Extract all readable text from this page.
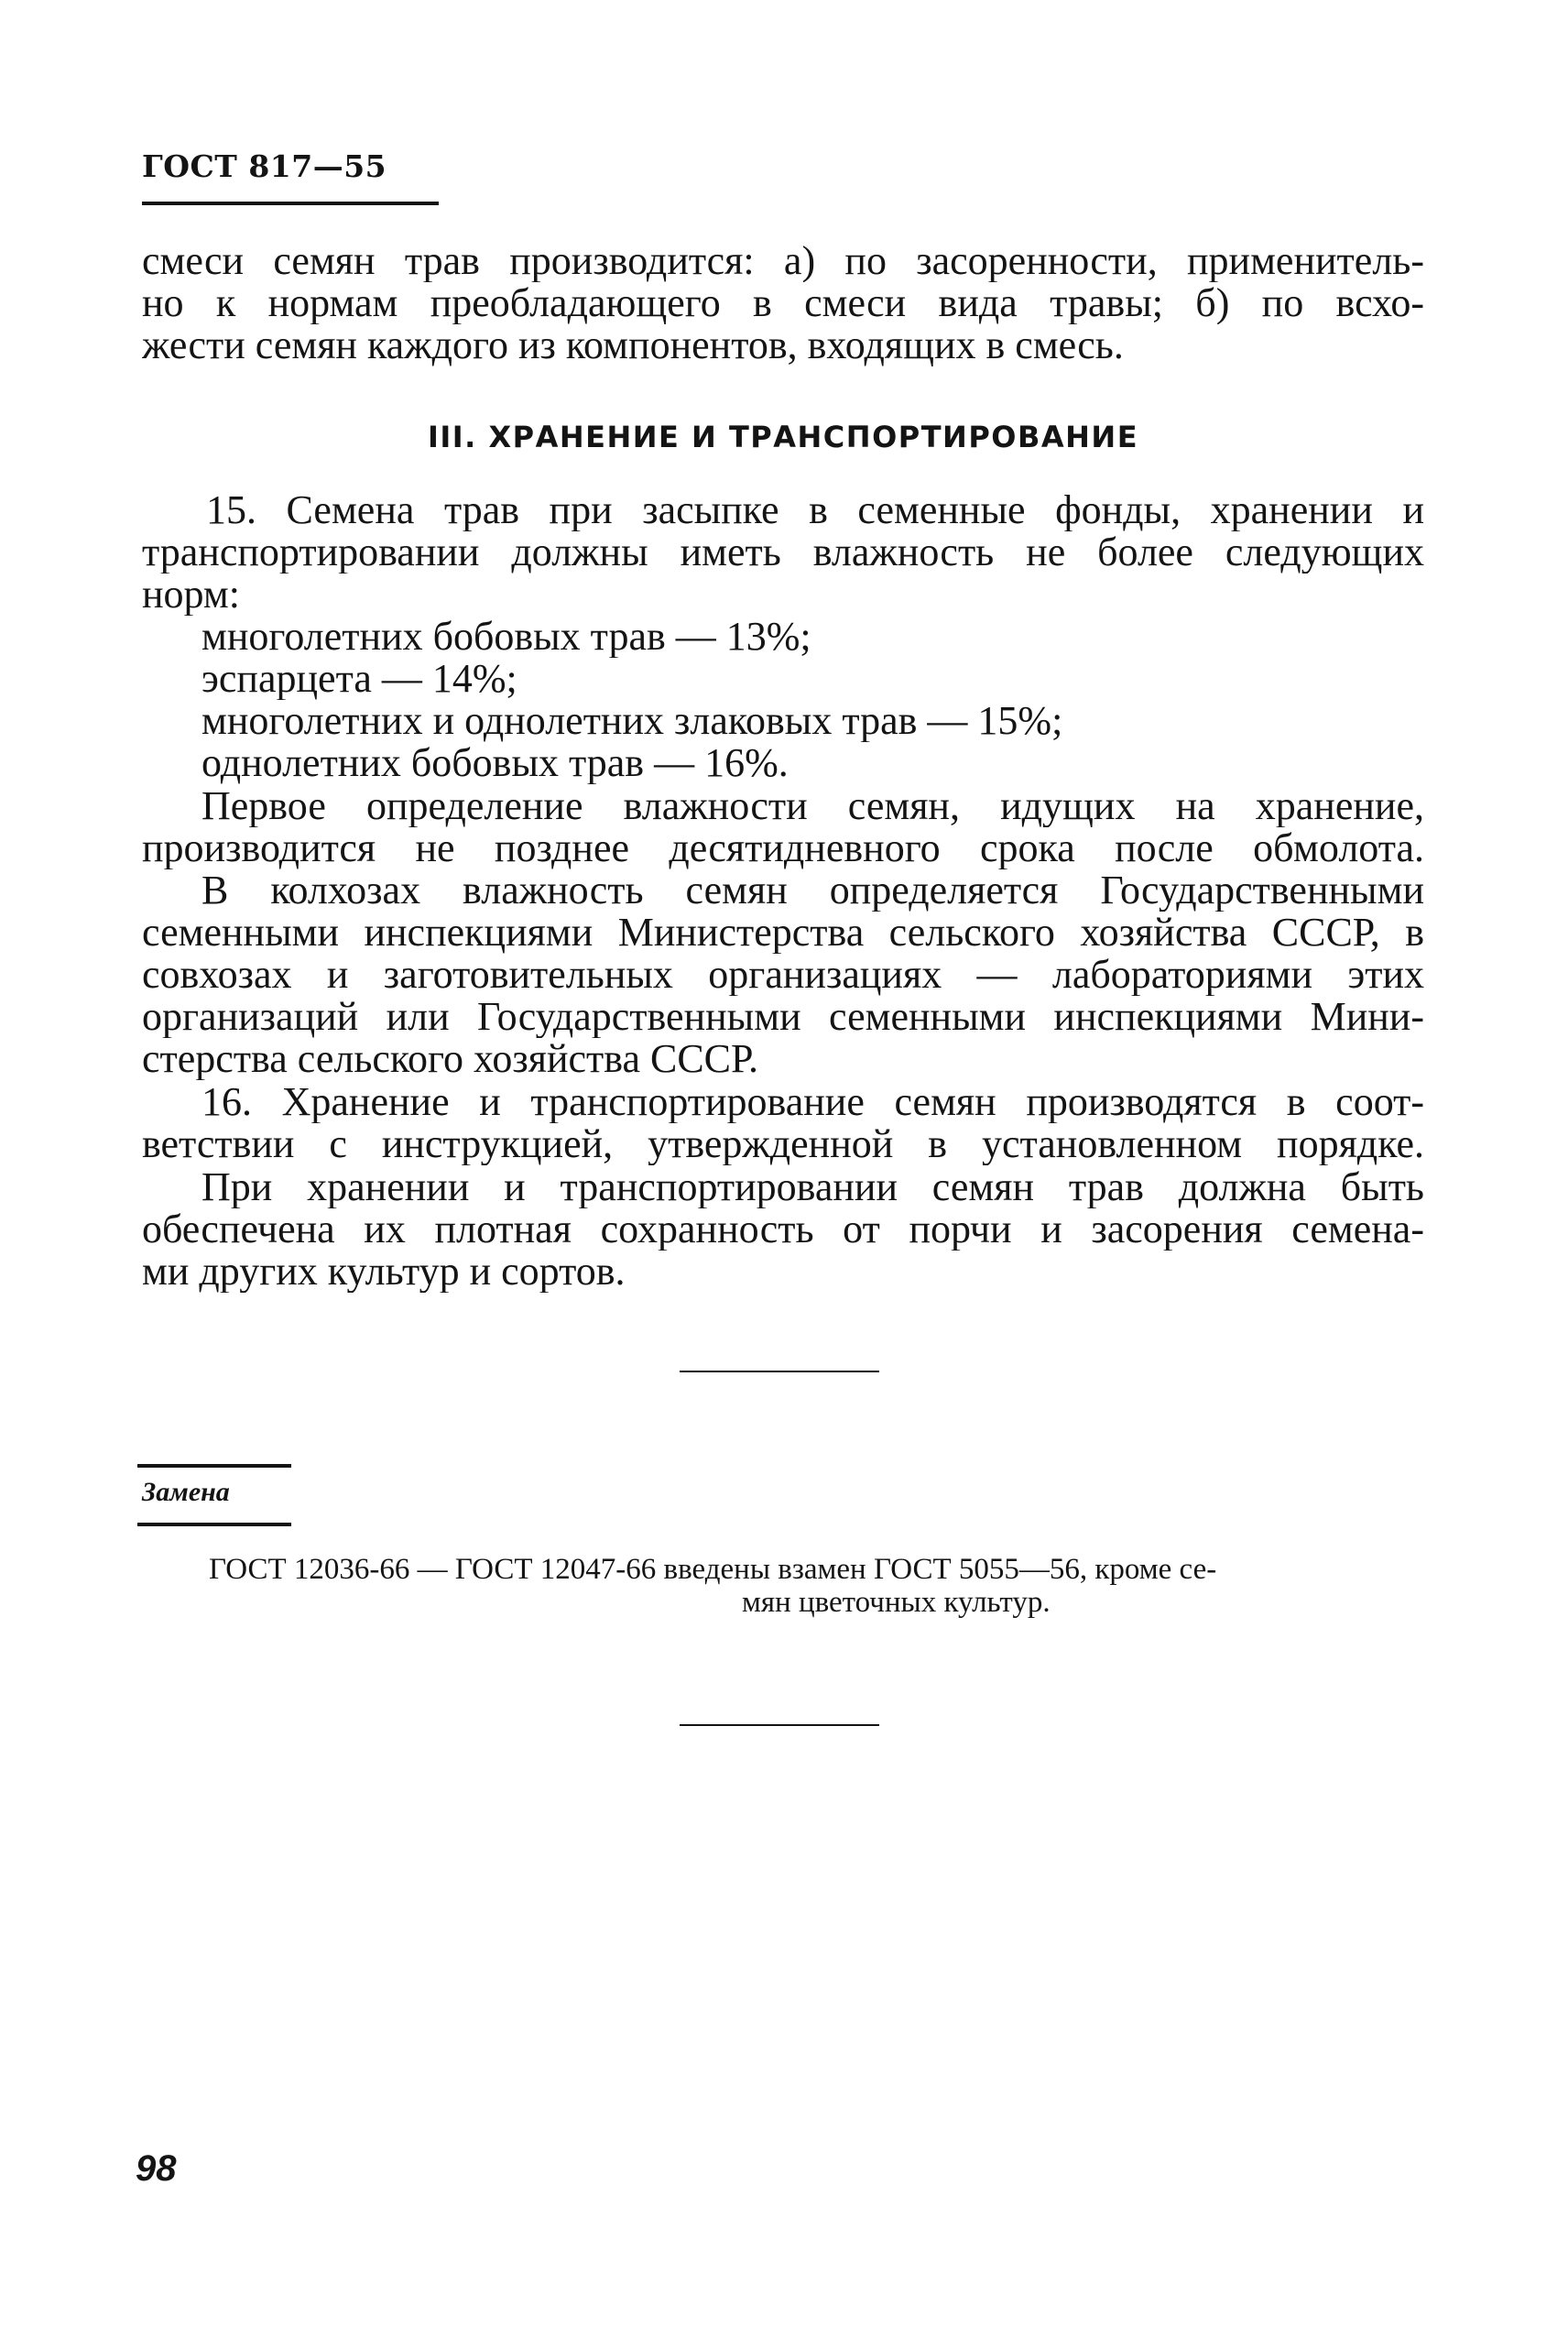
ГОСТ 817—55
смеси семян трав производится: а) по засоренности, применитель-
но к нормам преобладающего в смеси вида травы; б) по всхо-
жести семян каждого из компонентов, входящих в смесь.
III. ХРАНЕНИЕ И ТРАНСПОРТИРОВАНИЕ
15. Семена трав при засыпке в семенные фонды, хранении и
транспортировании должны иметь влажность не более следующих
норм:
многолетних бобовых трав — 13%;
эспарцета — 14%;
многолетних и однолетних злаковых трав — 15%;
однолетних бобовых трав — 16%.
Первое определение влажности семян, идущих на хранение,
производится не позднее десятидневного срока после обмолота.
В колхозах влажность семян определяется Государственными
семенными инспекциями Министерства сельского хозяйства СССР, в
совхозах и заготовительных организациях — лабораториями этих
организаций или Государственными семенными инспекциями Мини-
стерства сельского хозяйства СССР.
16. Хранение и транспортирование семян производятся в соот-
ветствии с инструкцией, утвержденной в установленном порядке.
При хранении и транспортировании семян трав должна быть
обеспечена их плотная сохранность от порчи и засорения семена-
ми других культур и сортов.
Замена
ГОСТ 12036-66 — ГОСТ 12047-66 введены взамен ГОСТ 5055—56, кроме се-
мян цветочных культур.
98
